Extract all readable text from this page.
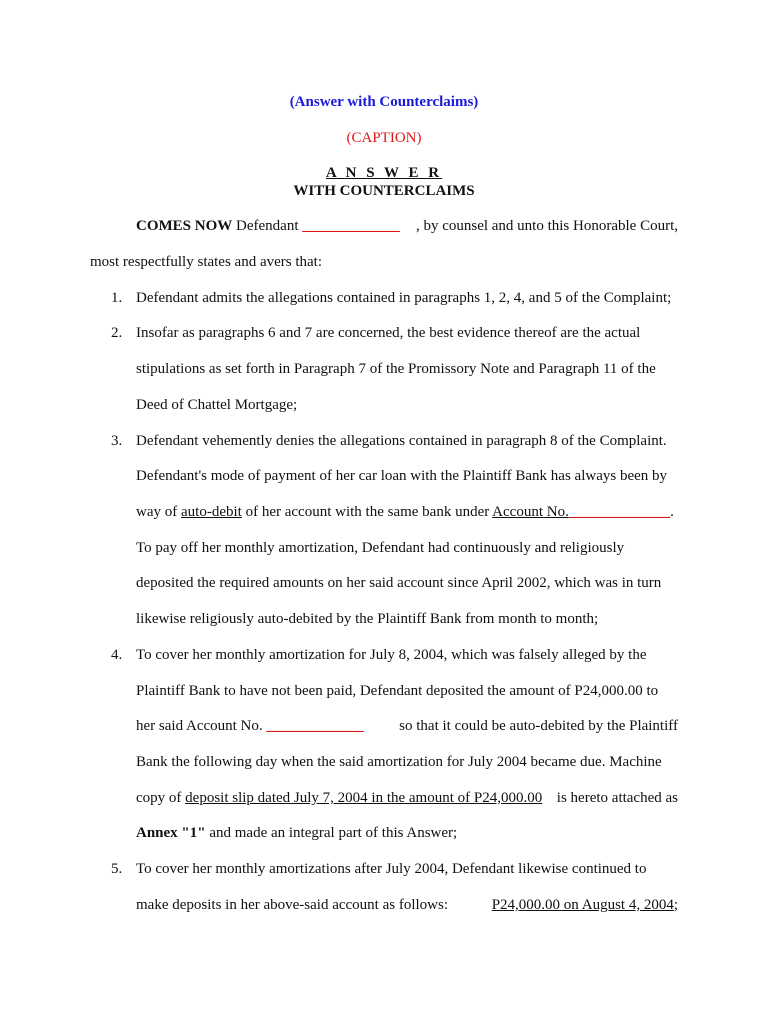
(Answer with Counterclaims)
(CAPTION)
A N S W E R
WITH COUNTERCLAIMS
COMES NOW Defendant _____________ , by counsel and unto this Honorable Court,
most respectfully states and avers that:
1. Defendant admits the allegations contained in paragraphs 1, 2, 4, and 5 of the Complaint;
2. Insofar as paragraphs 6 and 7 are concerned, the best evidence thereof are the actual
stipulations as set forth in Paragraph 7 of the Promissory Note and Paragraph 11 of the
Deed of Chattel Mortgage;
3. Defendant vehemently denies the allegations contained in paragraph 8 of the Complaint.
Defendant's mode of payment of her car loan with the Plaintiff Bank has always been by
way of auto-debit of her account with the same bank under Account No. _____________.
To pay off her monthly amortization, Defendant had continuously and religiously
deposited the required amounts on her said account since April 2002, which was in turn
likewise religiously auto-debited by the Plaintiff Bank from month to month;
4. To cover her monthly amortization for July 8, 2004, which was falsely alleged by the
Plaintiff Bank to have not been paid, Defendant deposited the amount of P24,000.00 to
her said Account No. _____________ so that it could be auto-debited by the Plaintiff
Bank the following day when the said amortization for July 2004 became due. Machine
copy of deposit slip dated July 7, 2004 in the amount of P24,000.00 is hereto attached as
Annex "1" and made an integral part of this Answer;
5. To cover her monthly amortizations after July 2004, Defendant likewise continued to
make deposits in her above-said account as follows:	P24,000.00 on August 4, 2004;
